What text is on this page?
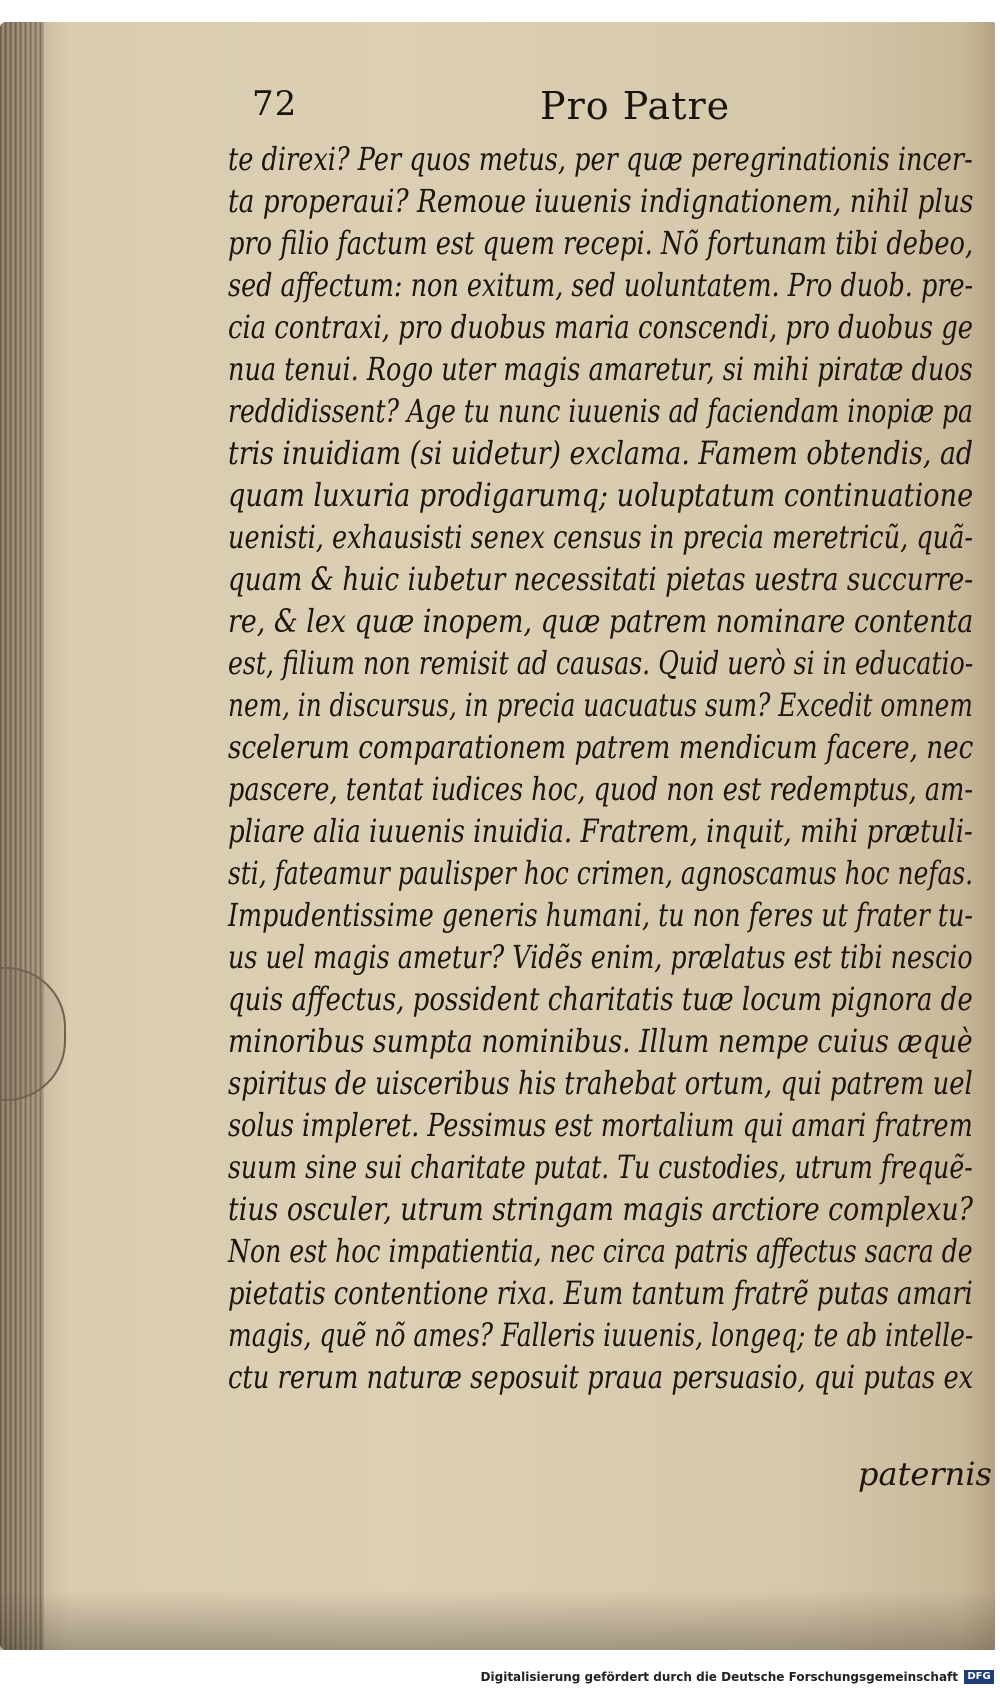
72	Pro Patre
te direxi? Per quos metus, per quæ peregrinationis incer-
ta properaui? Remoue iuuenis indignationem, nihil plus
pro filio factum est quem recepi. Nõ fortunam tibi debeo,
sed affectum: non exitum, sed uoluntatem. Pro duob. pre-
cia contraxi, pro duobus maria conscendi, pro duobus ge
nua tenui. Rogo uter magis amaretur, si mihi piratæ duos
reddidissent? Age tu nunc iuuenis ad faciendam inopiæ pa
tris inuidiam (si uidetur) exclama. Famem obtendis, ad
quam luxuria prodigarumq; uoluptatum continuatione
uenisti, exhausisti senex census in precia meretricũ, quã-
quam & huic iubetur necessitati pietas uestra succurre-
re, & lex quæ inopem, quæ patrem nominare contenta
est, filium non remisit ad causas. Quid uerò si in educatio-
nem, in discursus, in precia uacuatus sum? Excedit omnem
scelerum comparationem patrem mendicum facere, nec
pascere, tentat iudices hoc, quod non est redemptus, am-
pliare alia iuuenis inuidia. Fratrem, inquit, mihi prætuli-
sti, fateamur paulisper hoc crimen, agnoscamus hoc nefas.
Impudentissime generis humani, tu non feres ut frater tu-
us uel magis ametur? Vidẽs enim, prælatus est tibi nescio
quis affectus, possident charitatis tuæ locum pignora de
minoribus sumpta nominibus. Illum nempe cuius æquè
spiritus de uisceribus his trahebat ortum, qui patrem uel
solus impleret. Pessimus est mortalium qui amari fratrem
suum sine sui charitate putat. Tu custodies, utrum frequẽ-
tius osculer, utrum stringam magis arctiore complexu?
Non est hoc impatientia, nec circa patris affectus sacra de
pietatis contentione rixa. Eum tantum fratrẽ putas amari
magis, quẽ nõ ames? Falleris iuuenis, longeq; te ab intelle-
ctu rerum naturæ seposuit praua persuasio, qui putas ex
paternis
Digitalisierung gefördert durch die Deutsche Forschungsgemeinschaft DFG
